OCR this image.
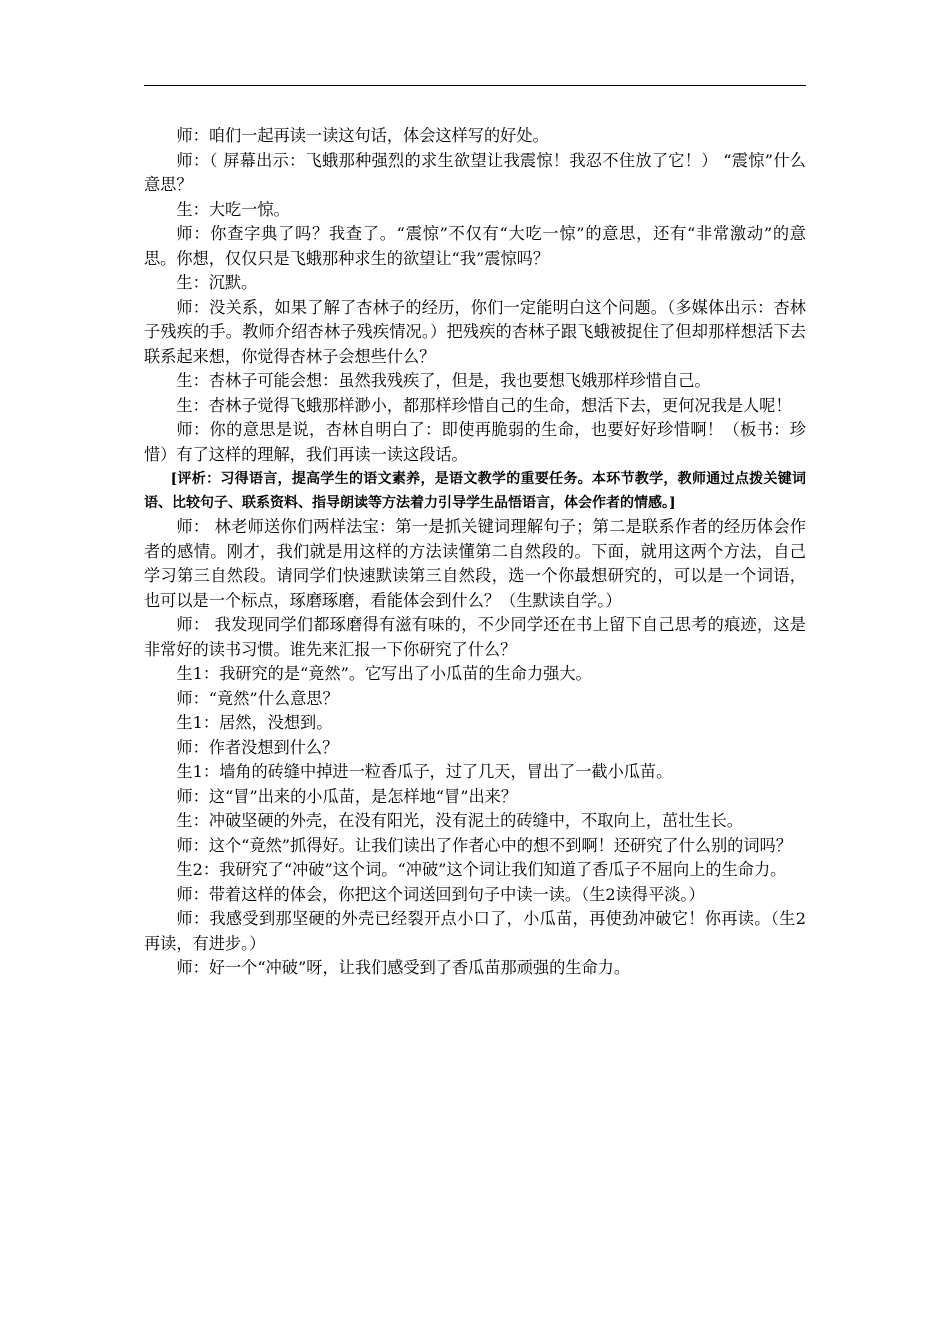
师：咱们一起再读一读这句话，体会这样写的好处。

师：（ 屏幕出示：飞蛾那种强烈的求生欲望让我震惊！我忍不住放了它！） “震惊”什么意思？

生：大吃一惊。

师：你查字典了吗？我查了。“震惊”不仅有“大吃一惊”的意思，还有“非常激动”的意思。你想，仅仅只是飞蛾那种求生的欲望让“我”震惊吗？

生：沉默。

师：没关系，如果了解了杏林子的经历，你们一定能明白这个问题。（多媒体出示：杏林子残疾的手。教师介绍杏林子残疾情况。）把残疾的杏林子跟飞蛾被捉住了但却那样想活下去联系起来想，你觉得杏林子会想些什么？

生：杏林子可能会想：虽然我残疾了，但是，我也要想飞娥那样珍惜自己。

生：杏林子觉得飞蛾那样渺小，都那样珍惜自己的生命，想活下去，更何况我是人呢！

师：你的意思是说，杏林自明白了：即使再脆弱的生命，也要好好珍惜啊！（板书：珍惜）有了这样的理解，我们再读一读这段话。

[评析：习得语言，提高学生的语文素养，是语文教学的重要任务。本环节教学，教师通过点拨关键词语、比较句子、联系资料、指导朗读等方法着力引导学生品悟语言，体会作者的情感。]

师： 林老师送你们两样法宝：第一是抓关键词理解句子；第二是联系作者的经历体会作者的感情。刚才，我们就是用这样的方法读懂第二自然段的。下面，就用这两个方法，自己学习第三自然段。请同学们快速默读第三自然段，选一个你最想研究的，可以是一个词语，也可以是一个标点，琢磨琢磨，看能体会到什么？（生默读自学。）

师： 我发现同学们都琢磨得有滋有味的，不少同学还在书上留下自己思考的痕迹，这是非常好的读书习惯。谁先来汇报一下你研究了什么？

生1：我研究的是“竟然”。它写出了小瓜苗的生命力强大。

师：“竟然”什么意思？

生1：居然，没想到。

师：作者没想到什么？

生1：墙角的砖缝中掉进一粒香瓜子，过了几天，冒出了一截小瓜苗。

师：这“冒”出来的小瓜苗，是怎样地“冒”出来？

生：冲破坚硬的外壳，在没有阳光，没有泥土的砖缝中，不取向上，茁壮生长。

师：这个“竟然”抓得好。让我们读出了作者心中的想不到啊！还研究了什么别的词吗？

生2：我研究了“冲破”这个词。“冲破”这个词让我们知道了香瓜子不屈向上的生命力。

师：带着这样的体会，你把这个词送回到句子中读一读。（生2读得平淡。）

师：我感受到那坚硬的外壳已经裂开点小口了，小瓜苗，再使劲冲破它！你再读。（生2再读，有进步。）

师：好一个“冲破”呀，让我们感受到了香瓜苗那顽强的生命力。
